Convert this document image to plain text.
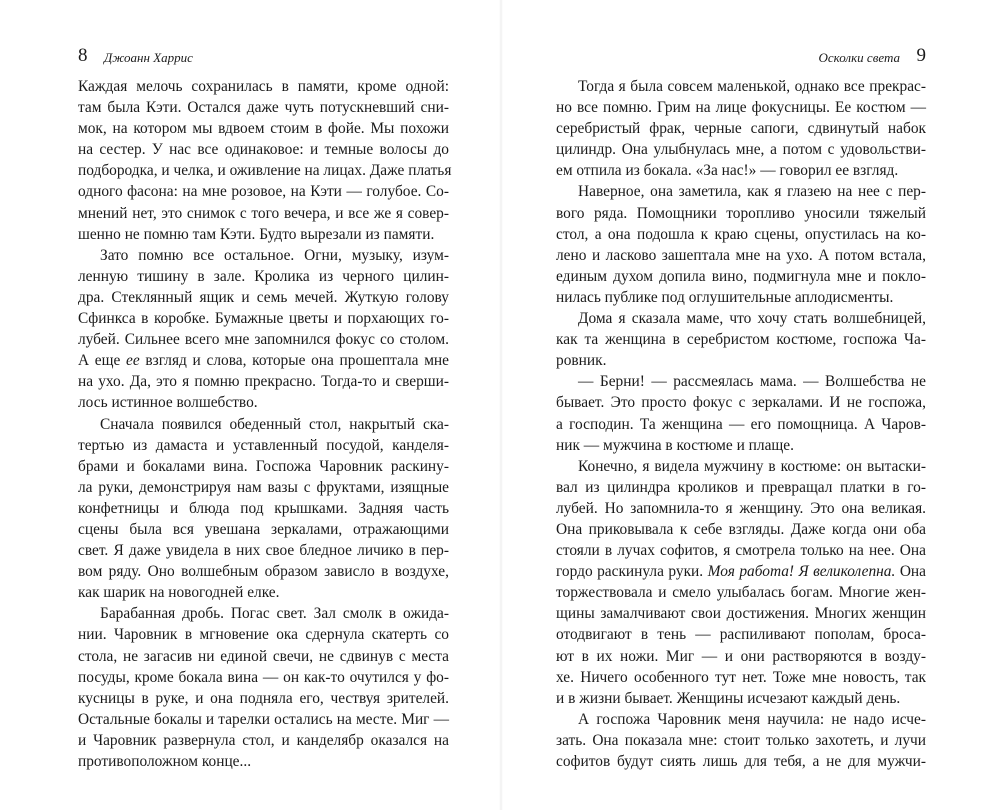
8 Джоанн Харрис
Каждая мелочь сохранилась в памяти, кроме одной:
там была Кэти. Остался даже чуть потускневший сни-
мок, на котором мы вдвоем стоим в фойе. Мы похожи
на сестер. У нас все одинаковое: и темные волосы до
подбородка, и челка, и оживление на лицах. Даже платья
одного фасона: на мне розовое, на Кэти — голубое. Со-
мнений нет, это снимок с того вечера, и все же я совер-
шенно не помню там Кэти. Будто вырезали из памяти.
Зато помню все остальное. Огни, музыку, изум-
ленную тишину в зале. Кролика из черного цилин-
дра. Стеклянный ящик и семь мечей. Жуткую голову
Сфинкса в коробке. Бумажные цветы и порхающих го-
лубей. Сильнее всего мне запомнился фокус со столом.
А еще ее взгляд и слова, которые она прошептала мне
на ухо. Да, это я помню прекрасно. Тогда-то и сверши-
лось истинное волшебство.
Сначала появился обеденный стол, накрытый ска-
тертью из дамаста и уставленный посудой, канделя-
брами и бокалами вина. Госпожа Чаровник раскину-
ла руки, демонстрируя нам вазы с фруктами, изящные
конфетницы и блюда под крышками. Задняя часть
сцены была вся увешана зеркалами, отражающими
свет. Я даже увидела в них свое бледное личико в пер-
вом ряду. Оно волшебным образом зависло в воздухе,
как шарик на новогодней елке.
Барабанная дробь. Погас свет. Зал смолк в ожида-
нии. Чаровник в мгновение ока сдернула скатерть со
стола, не загасив ни единой свечи, не сдвинув с места
посуды, кроме бокала вина — он как-то очутился у фо-
кусницы в руке, и она подняла его, чествуя зрителей.
Остальные бокалы и тарелки остались на месте. Миг —
и Чаровник развернула стол, и канделябр оказался на
противоположном конце...
Осколки света 9
Тогда я была совсем маленькой, однако все прекрас-
но все помню. Грим на лице фокусницы. Ее костюм —
серебристый фрак, черные сапоги, сдвинутый набок
цилиндр. Она улыбнулась мне, а потом с удовольстви-
ем отпила из бокала. «За нас!» — говорил ее взгляд.
Наверное, она заметила, как я глазею на нее с пер-
вого ряда. Помощники торопливо уносили тяжелый
стол, а она подошла к краю сцены, опустилась на ко-
лено и ласково зашептала мне на ухо. А потом встала,
единым духом допила вино, подмигнула мне и покло-
нилась публике под оглушительные аплодисменты.
Дома я сказала маме, что хочу стать волшебницей,
как та женщина в серебристом костюме, госпожа Ча-
ровник.
— Берни! — рассмеялась мама. — Волшебства не
бывает. Это просто фокус с зеркалами. И не госпожа,
а господин. Та женщина — его помощница. А Чаров-
ник — мужчина в костюме и плаще.
Конечно, я видела мужчину в костюме: он вытаски-
вал из цилиндра кроликов и превращал платки в го-
лубей. Но запомнила-то я женщину. Это она великая.
Она приковывала к себе взгляды. Даже когда они оба
стояли в лучах софитов, я смотрела только на нее. Она
гордо раскинула руки. Моя работа! Я великолепна. Она
торжествовала и смело улыбалась богам. Многие жен-
щины замалчивают свои достижения. Многих женщин
отодвигают в тень — распиливают пополам, броса-
ют в их ножи. Миг — и они растворяются в возду-
хе. Ничего особенного тут нет. Тоже мне новость, так
и в жизни бывает. Женщины исчезают каждый день.
А госпожа Чаровник меня научила: не надо исче-
зать. Она показала мне: стоит только захотеть, и лучи
софитов будут сиять лишь для тебя, а не для мужчи-
